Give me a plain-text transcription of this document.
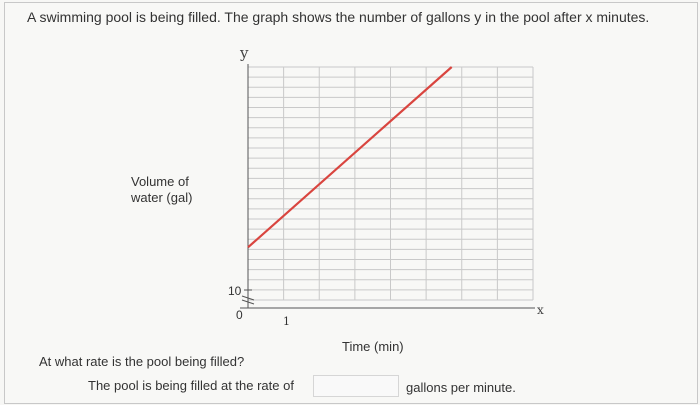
A swimming pool is being filled. The graph shows the number of gallons y in the pool after x minutes.
y
x
10
0	1
Volume of
water (gal)
Time (min)
At what rate is the pool being filled?
The pool is being filled at the rate of	gallons per minute.
